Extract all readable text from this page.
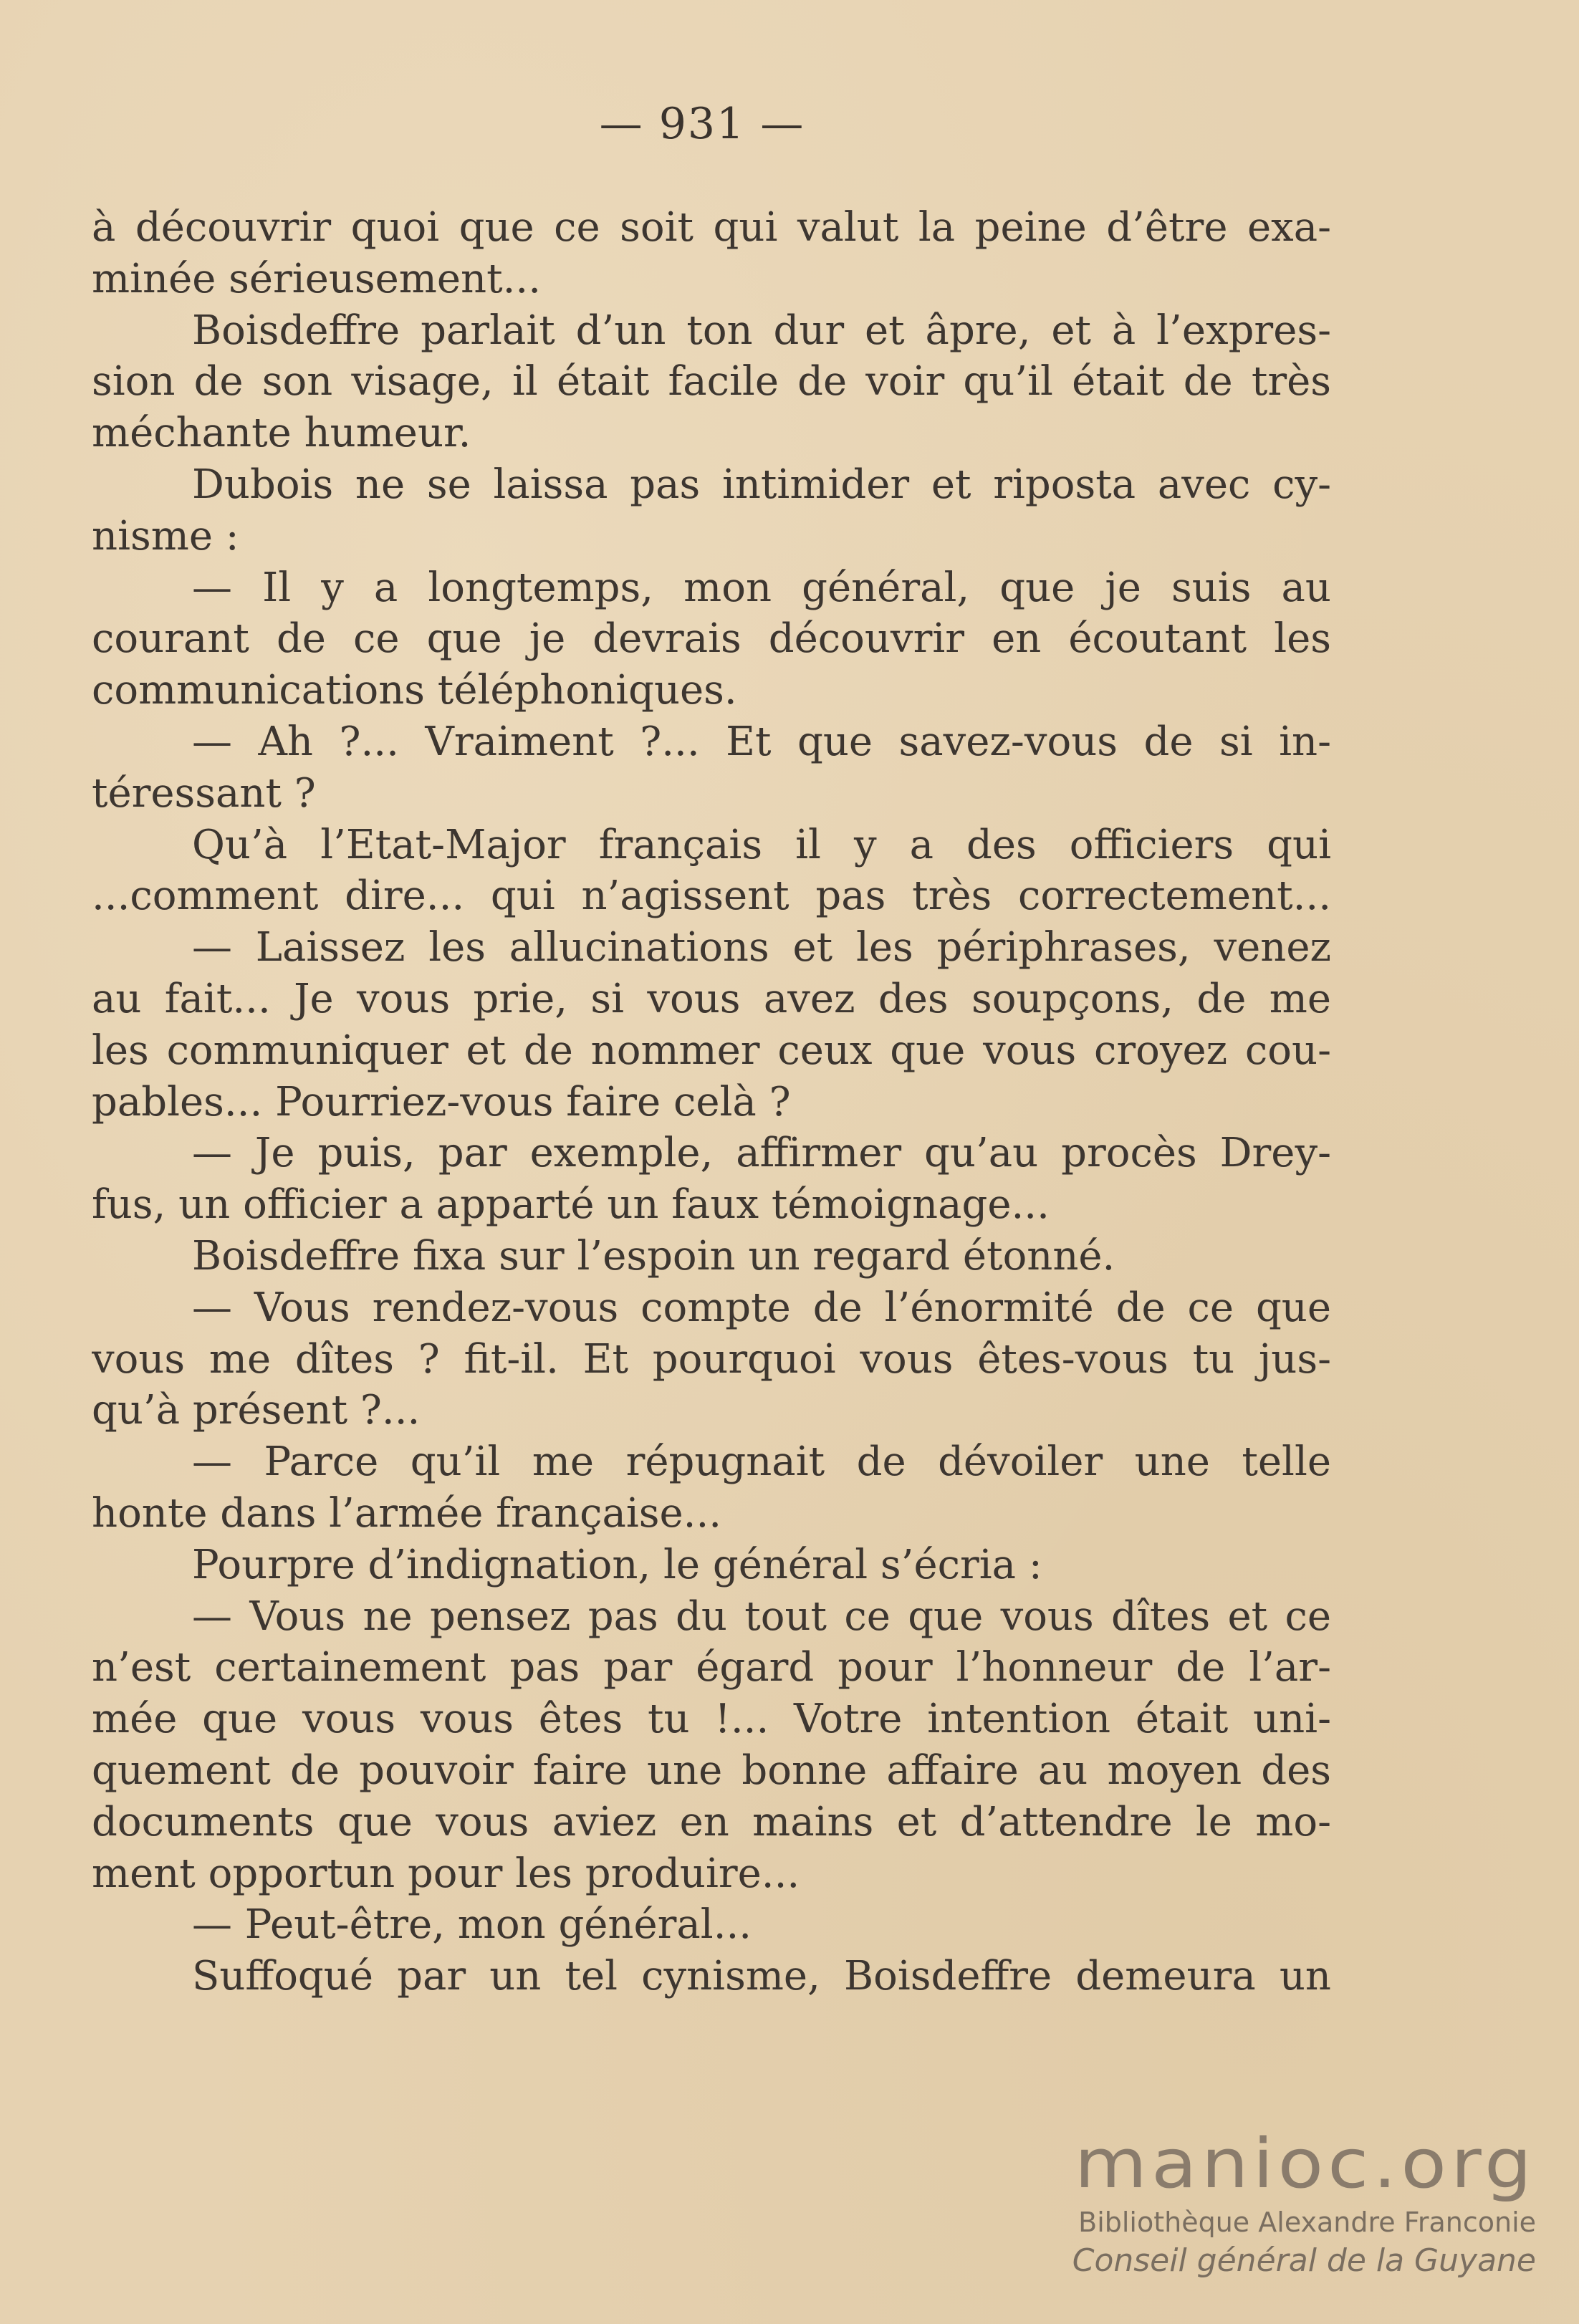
— 931 —
à découvrir quoi que ce soit qui valut la peine d’être exa-
minée sérieusement...
Boisdeffre parlait d’un ton dur et âpre, et à l’expres-
sion de son visage, il était facile de voir qu’il était de très
méchante humeur.
Dubois ne se laissa pas intimider et riposta avec cy-
nisme :
— Il y a longtemps, mon général, que je suis au
courant de ce que je devrais découvrir en écoutant les
communications téléphoniques.
— Ah ?... Vraiment ?... Et que savez-vous de si in-
téressant ?
Qu’à l’Etat-Major français il y a des officiers qui
...comment dire... qui n’agissent pas très correctement...
— Laissez les allucinations et les périphrases, venez
au fait... Je vous prie, si vous avez des soupçons, de me
les communiquer et de nommer ceux que vous croyez cou-
pables... Pourriez-vous faire celà ?
— Je puis, par exemple, affirmer qu’au procès Drey-
fus, un officier a apparté un faux témoignage...
Boisdeffre fixa sur l’espoin un regard étonné.
— Vous rendez-vous compte de l’énormité de ce que
vous me dîtes ? fit-il. Et pourquoi vous êtes-vous tu jus-
qu’à présent ?...
— Parce qu’il me répugnait de dévoiler une telle
honte dans l’armée française...
Pourpre d’indignation, le général s’écria :
— Vous ne pensez pas du tout ce que vous dîtes et ce
n’est certainement pas par égard pour l’honneur de l’ar-
mée que vous vous êtes tu !... Votre intention était uni-
quement de pouvoir faire une bonne affaire au moyen des
documents que vous aviez en mains et d’attendre le mo-
ment opportun pour les produire...
— Peut-être, mon général...
Suffoqué par un tel cynisme, Boisdeffre demeura un
manioc.org
Bibliothèque Alexandre Franconie
Conseil général de la Guyane
